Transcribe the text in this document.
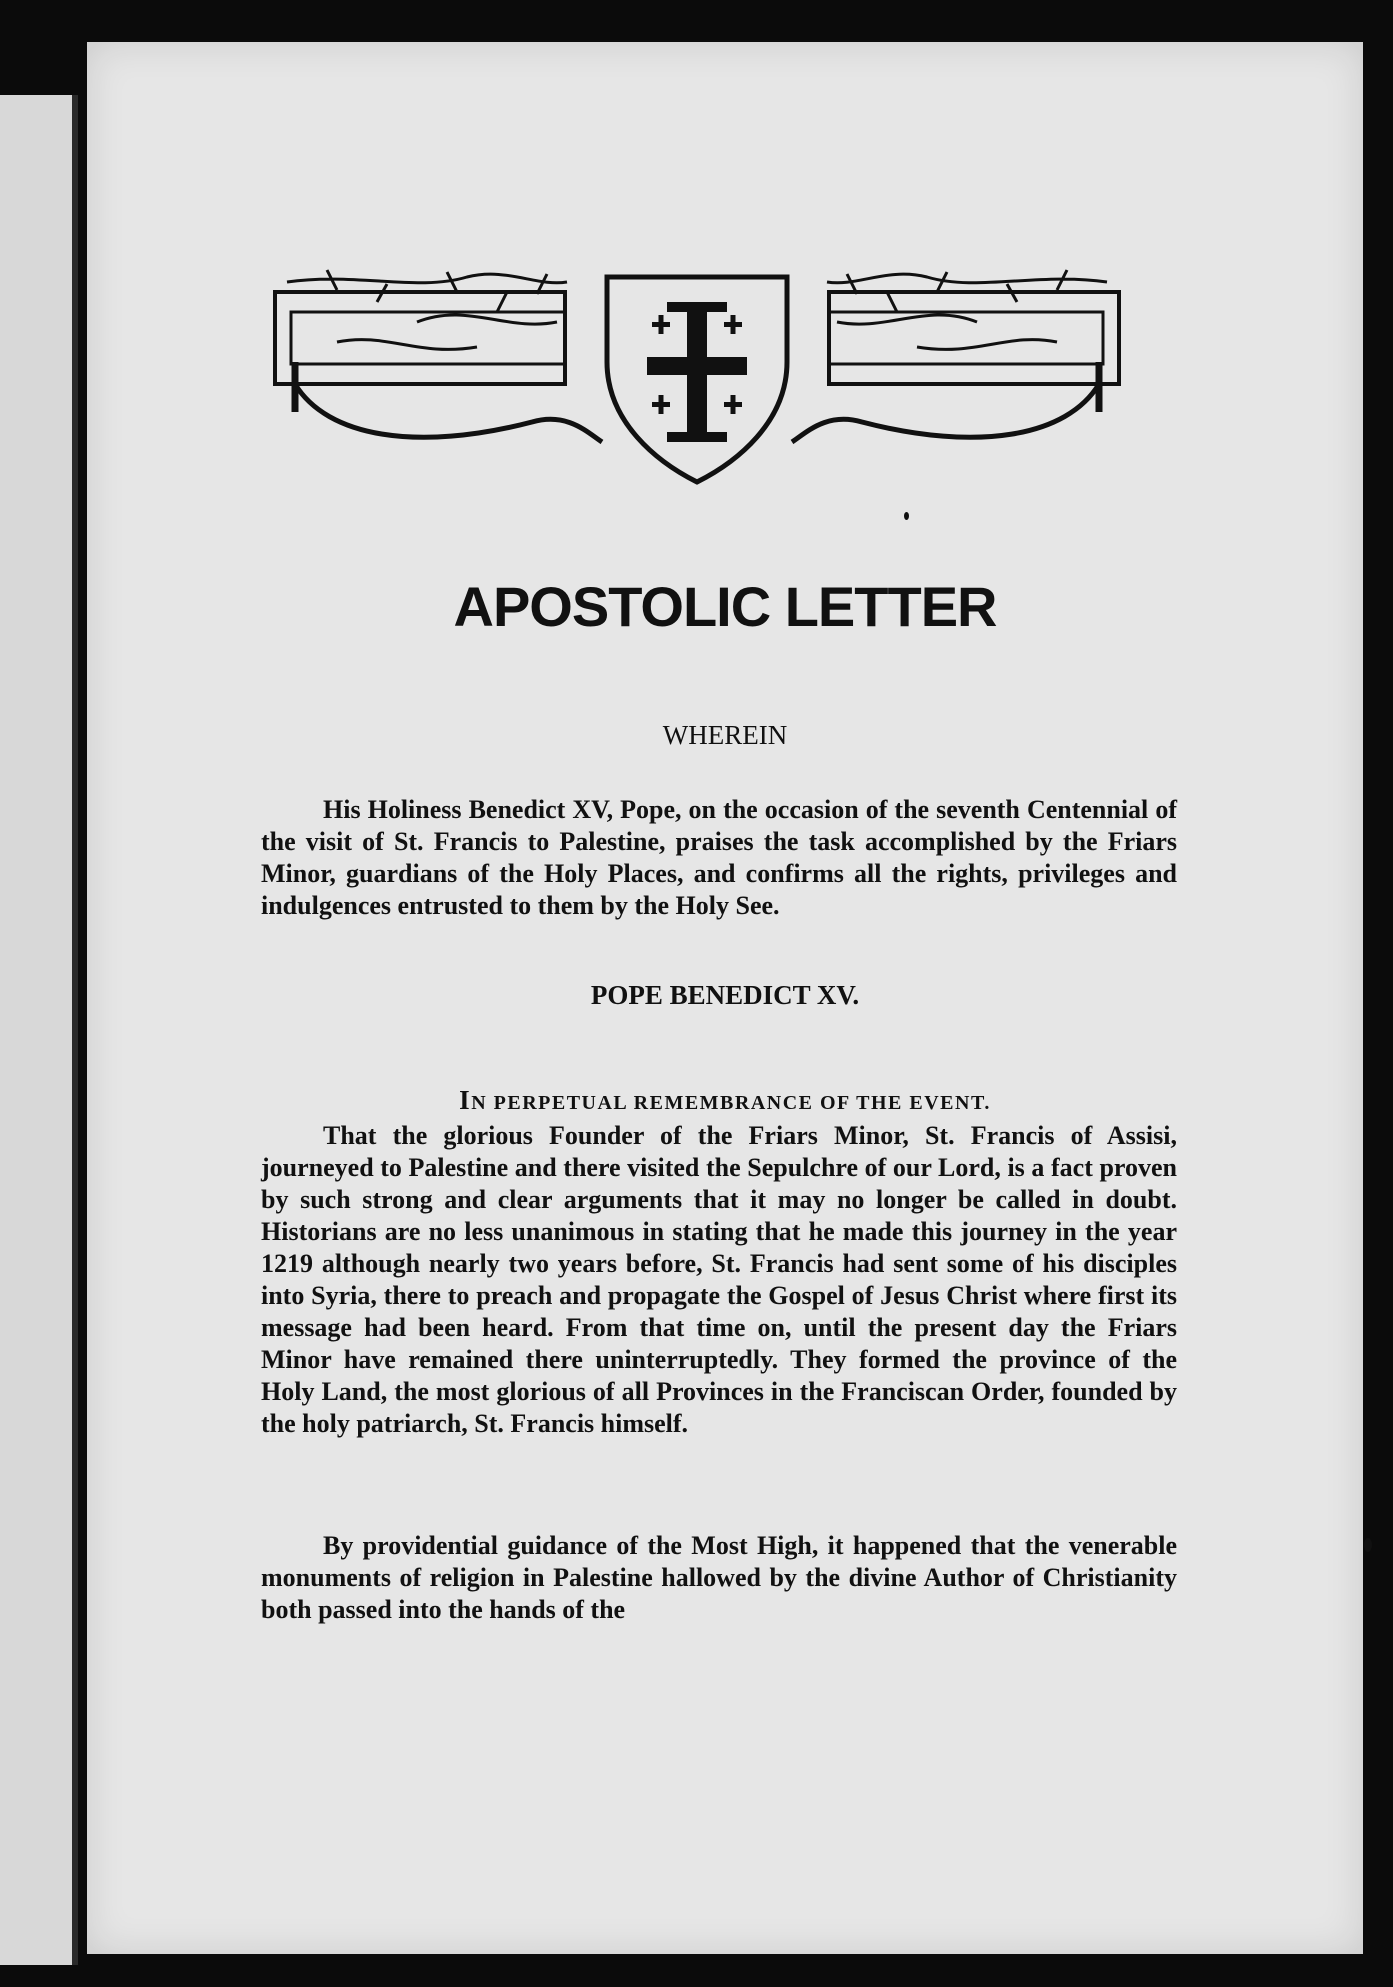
APOSTOLIC LETTER
WHEREIN

His Holiness Benedict XV, Pope, on the occasion of the seventh Centennial of the visit of St. Francis to Palestine, praises the task accomplished by the Friars Minor, guardians of the Holy Places, and confirms all the rights, privileges and indulgences entrusted to them by the Holy See.

POPE BENEDICT XV.
IN PERPETUAL REMEMBRANCE OF THE EVENT.

That the glorious Founder of the Friars Minor, St. Francis of Assisi, journeyed to Palestine and there visited the Sepulchre of our Lord, is a fact proven by such strong and clear arguments that it may no longer be called in doubt. Historians are no less unanimous in stating that he made this journey in the year 1219 although nearly two years before, St. Francis had sent some of his disciples into Syria, there to preach and propagate the Gospel of Jesus Christ where first its message had been heard. From that time on, until the present day the Friars Minor have remained there uninterruptedly. They formed the province of the Holy Land, the most glorious of all Provinces in the Franciscan Order, founded by the holy patriarch, St. Francis himself.

By providential guidance of the Most High, it happened that the venerable monuments of religion in Palestine hallowed by the divine Author of Christianity both passed into the hands of the
